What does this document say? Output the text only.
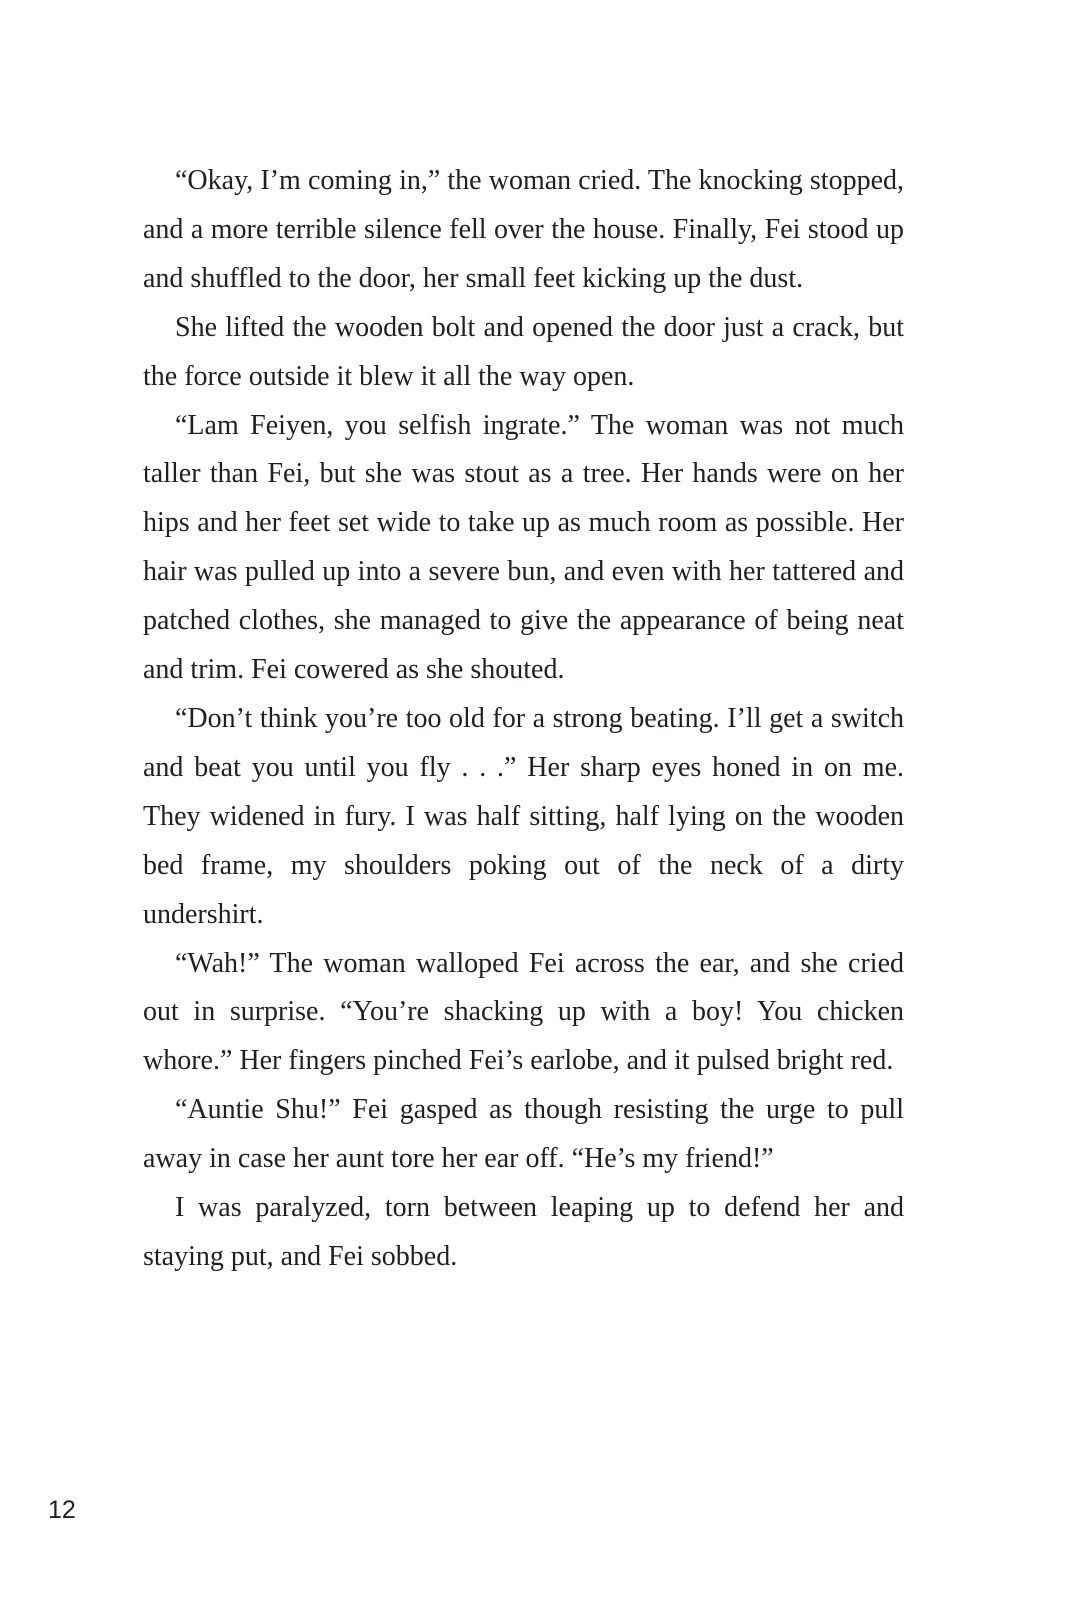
“Okay, I’m coming in,” the woman cried. The knocking stopped, and a more terrible silence fell over the house. Finally, Fei stood up and shuffled to the door, her small feet kicking up the dust.

She lifted the wooden bolt and opened the door just a crack, but the force outside it blew it all the way open.

“Lam Feiyen, you selfish ingrate.” The woman was not much taller than Fei, but she was stout as a tree. Her hands were on her hips and her feet set wide to take up as much room as possible. Her hair was pulled up into a severe bun, and even with her tattered and patched clothes, she managed to give the appearance of being neat and trim. Fei cowered as she shouted.

“Don’t think you’re too old for a strong beating. I’ll get a switch and beat you until you fly . . .” Her sharp eyes honed in on me. They widened in fury. I was half sitting, half lying on the wooden bed frame, my shoulders poking out of the neck of a dirty undershirt.

“Wah!” The woman walloped Fei across the ear, and she cried out in surprise. “You’re shacking up with a boy! You chicken whore.” Her fingers pinched Fei’s earlobe, and it pulsed bright red.

“Auntie Shu!” Fei gasped as though resisting the urge to pull away in case her aunt tore her ear off. “He’s my friend!”

I was paralyzed, torn between leaping up to defend her and staying put, and Fei sobbed.

12
